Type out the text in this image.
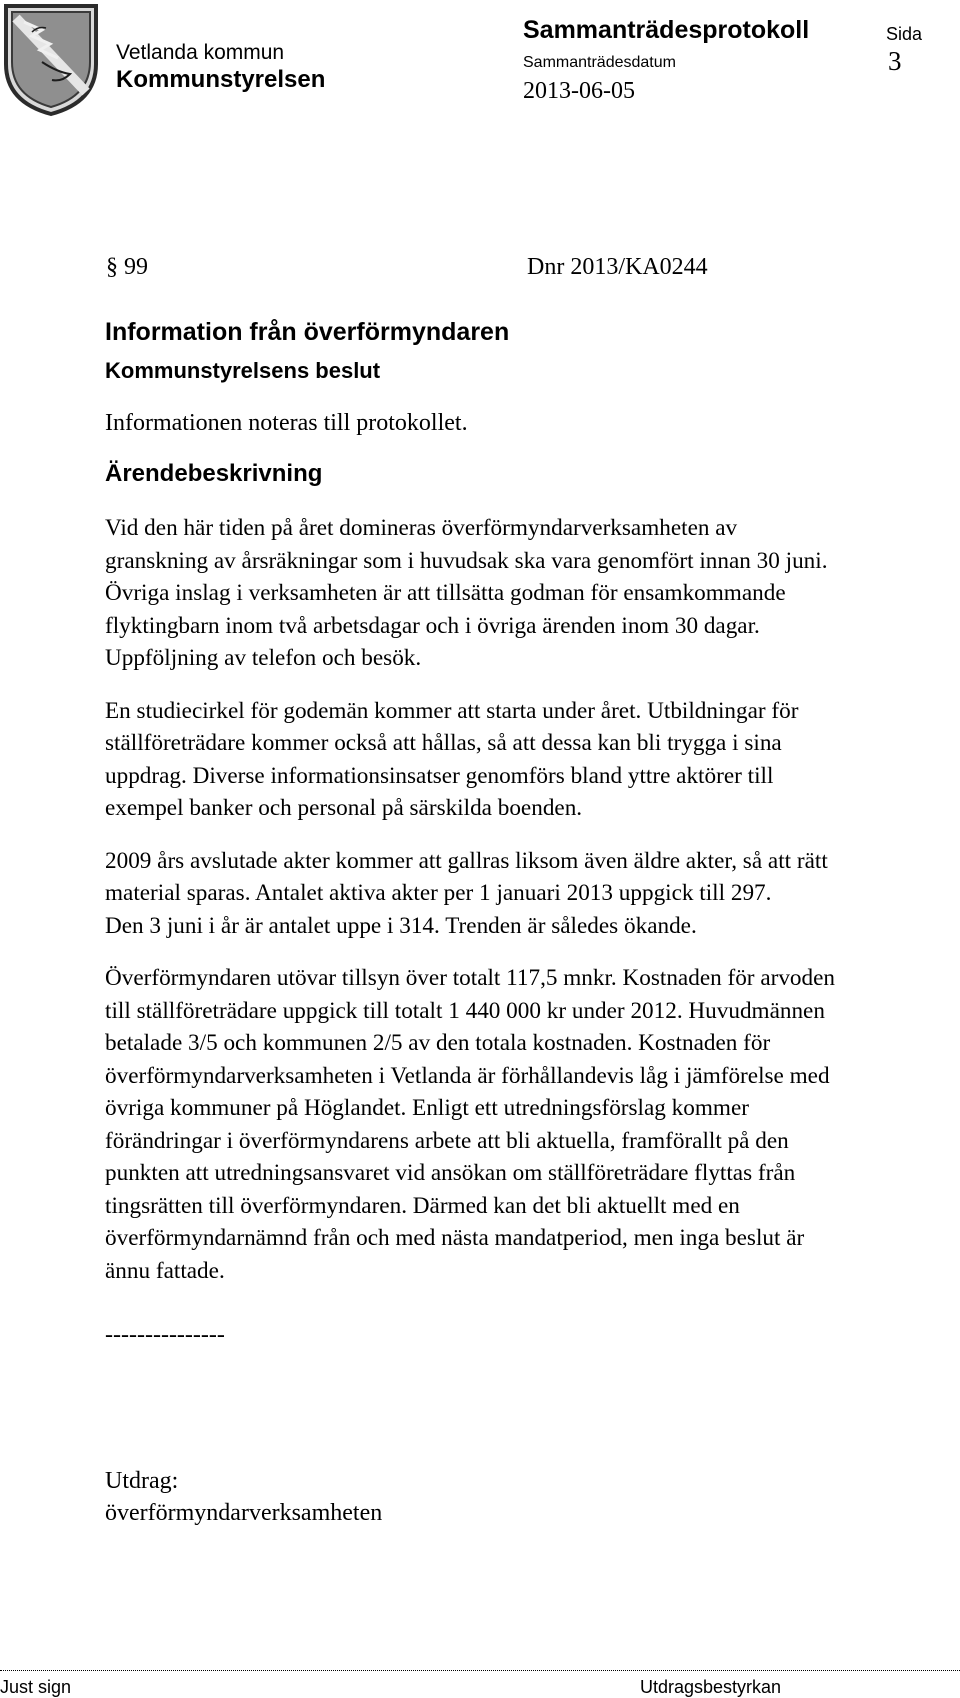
Vetlanda kommun
Kommunstyrelsen
Sammanträdesprotokoll	Sida
Sammanträdesdatum	3
2013-06-05
§ 99	Dnr 2013/KA0244
Information från överförmyndaren
Kommunstyrelsens beslut
Informationen noteras till protokollet.
Ärendebeskrivning

Vid den här tiden på året domineras överförmyndarverksamheten av
granskning av årsräkningar som i huvudsak ska vara genomfört innan 30 juni.
Övriga inslag i verksamheten är att tillsätta godman för ensamkommande
flyktingbarn inom två arbetsdagar och i övriga ärenden inom 30 dagar.
Uppföljning av telefon och besök.

En studiecirkel för godemän kommer att starta under året. Utbildningar för
ställföreträdare kommer också att hållas, så att dessa kan bli trygga i sina
uppdrag. Diverse informationsinsatser genomförs bland yttre aktörer till
exempel banker och personal på särskilda boenden.

2009 års avslutade akter kommer att gallras liksom även äldre akter, så att rätt
material sparas. Antalet aktiva akter per 1 januari 2013 uppgick till 297.
Den 3 juni i år är antalet uppe i 314. Trenden är således ökande.

Överförmyndaren utövar tillsyn över totalt 117,5 mnkr. Kostnaden för arvoden
till ställföreträdare uppgick till totalt 1 440 000 kr under 2012. Huvudmännen
betalade 3/5 och kommunen 2/5 av den totala kostnaden. Kostnaden för
överförmyndarverksamheten i Vetlanda är förhållandevis låg i jämförelse med
övriga kommuner på Höglandet. Enligt ett utredningsförslag kommer
förändringar i överförmyndarens arbete att bli aktuella, framförallt på den
punkten att utredningsansvaret vid ansökan om ställföreträdare flyttas från
tingsrätten till överförmyndaren. Därmed kan det bli aktuellt med en
överförmyndarnämnd från och med nästa mandatperiod, men inga beslut är
ännu fattade.

---------------
Utdrag:
överförmyndarverksamheten
Just sign	Utdragsbestyrkan
